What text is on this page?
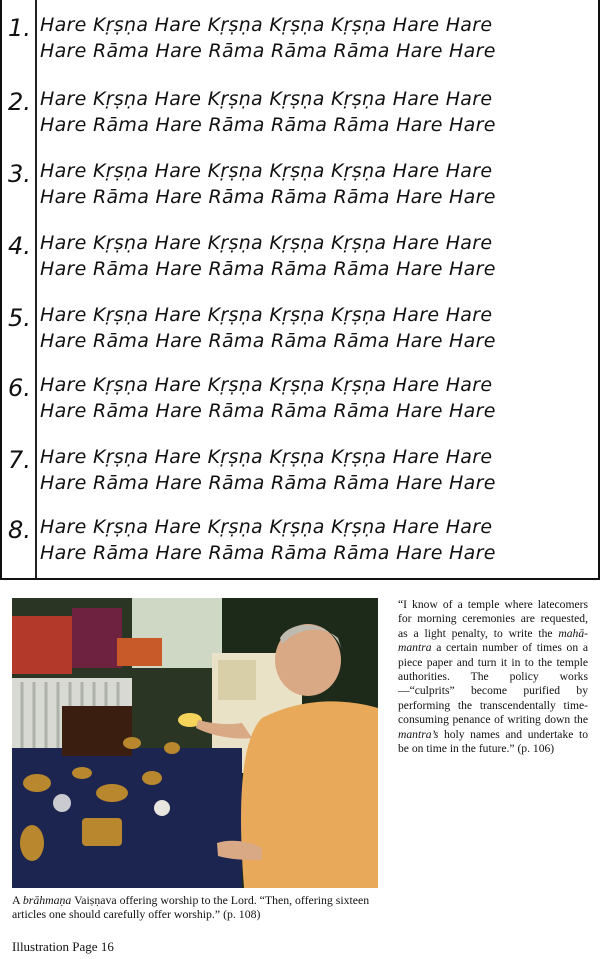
1. Hare Kṛṣṇa Hare Kṛṣṇa Kṛṣṇa Kṛṣṇa Hare Hare
Hare Rāma Hare Rāma Rāma Rāma Hare Hare
2. Hare Kṛṣṇa Hare Kṛṣṇa Kṛṣṇa Kṛṣṇa Hare Hare
Hare Rāma Hare Rāma Rāma Rāma Hare Hare
3. Hare Kṛṣṇa Hare Kṛṣṇa Kṛṣṇa Kṛṣṇa Hare Hare
Hare Rāma Hare Rāma Rāma Rāma Hare Hare
4. Hare Kṛṣṇa Hare Kṛṣṇa Kṛṣṇa Kṛṣṇa Hare Hare
Hare Rāma Hare Rāma Rāma Rāma Hare Hare
5. Hare Kṛṣṇa Hare Kṛṣṇa Kṛṣṇa Kṛṣṇa Hare Hare
Hare Rāma Hare Rāma Rāma Rāma Hare Hare
6. Hare Kṛṣṇa Hare Kṛṣṇa Kṛṣṇa Kṛṣṇa Hare Hare
Hare Rāma Hare Rāma Rāma Rāma Hare Hare
7. Hare Kṛṣṇa Hare Kṛṣṇa Kṛṣṇa Kṛṣṇa Hare Hare
Hare Rāma Hare Rāma Rāma Rāma Hare Hare
8. Hare Kṛṣṇa Hare Kṛṣṇa Kṛṣṇa Kṛṣṇa Hare Hare
Hare Rāma Hare Rāma Rāma Rāma Hare Hare
“I know of a temple where latecomers for morning ceremonies are requested, as a light penalty, to write the mahā-mantra a certain number of times on a piece paper and turn it in to the temple authorities. The policy works—“culprits” become purified by performing the transcendentally time-consuming penance of writing down the mantra’s holy names and undertake to be on time in the future.” (p. 106)
A brāhmaṇa Vaiṣṇava offering worship to the Lord. “Then, offering sixteen articles one should carefully offer worship.” (p. 108)
Illustration Page 16
